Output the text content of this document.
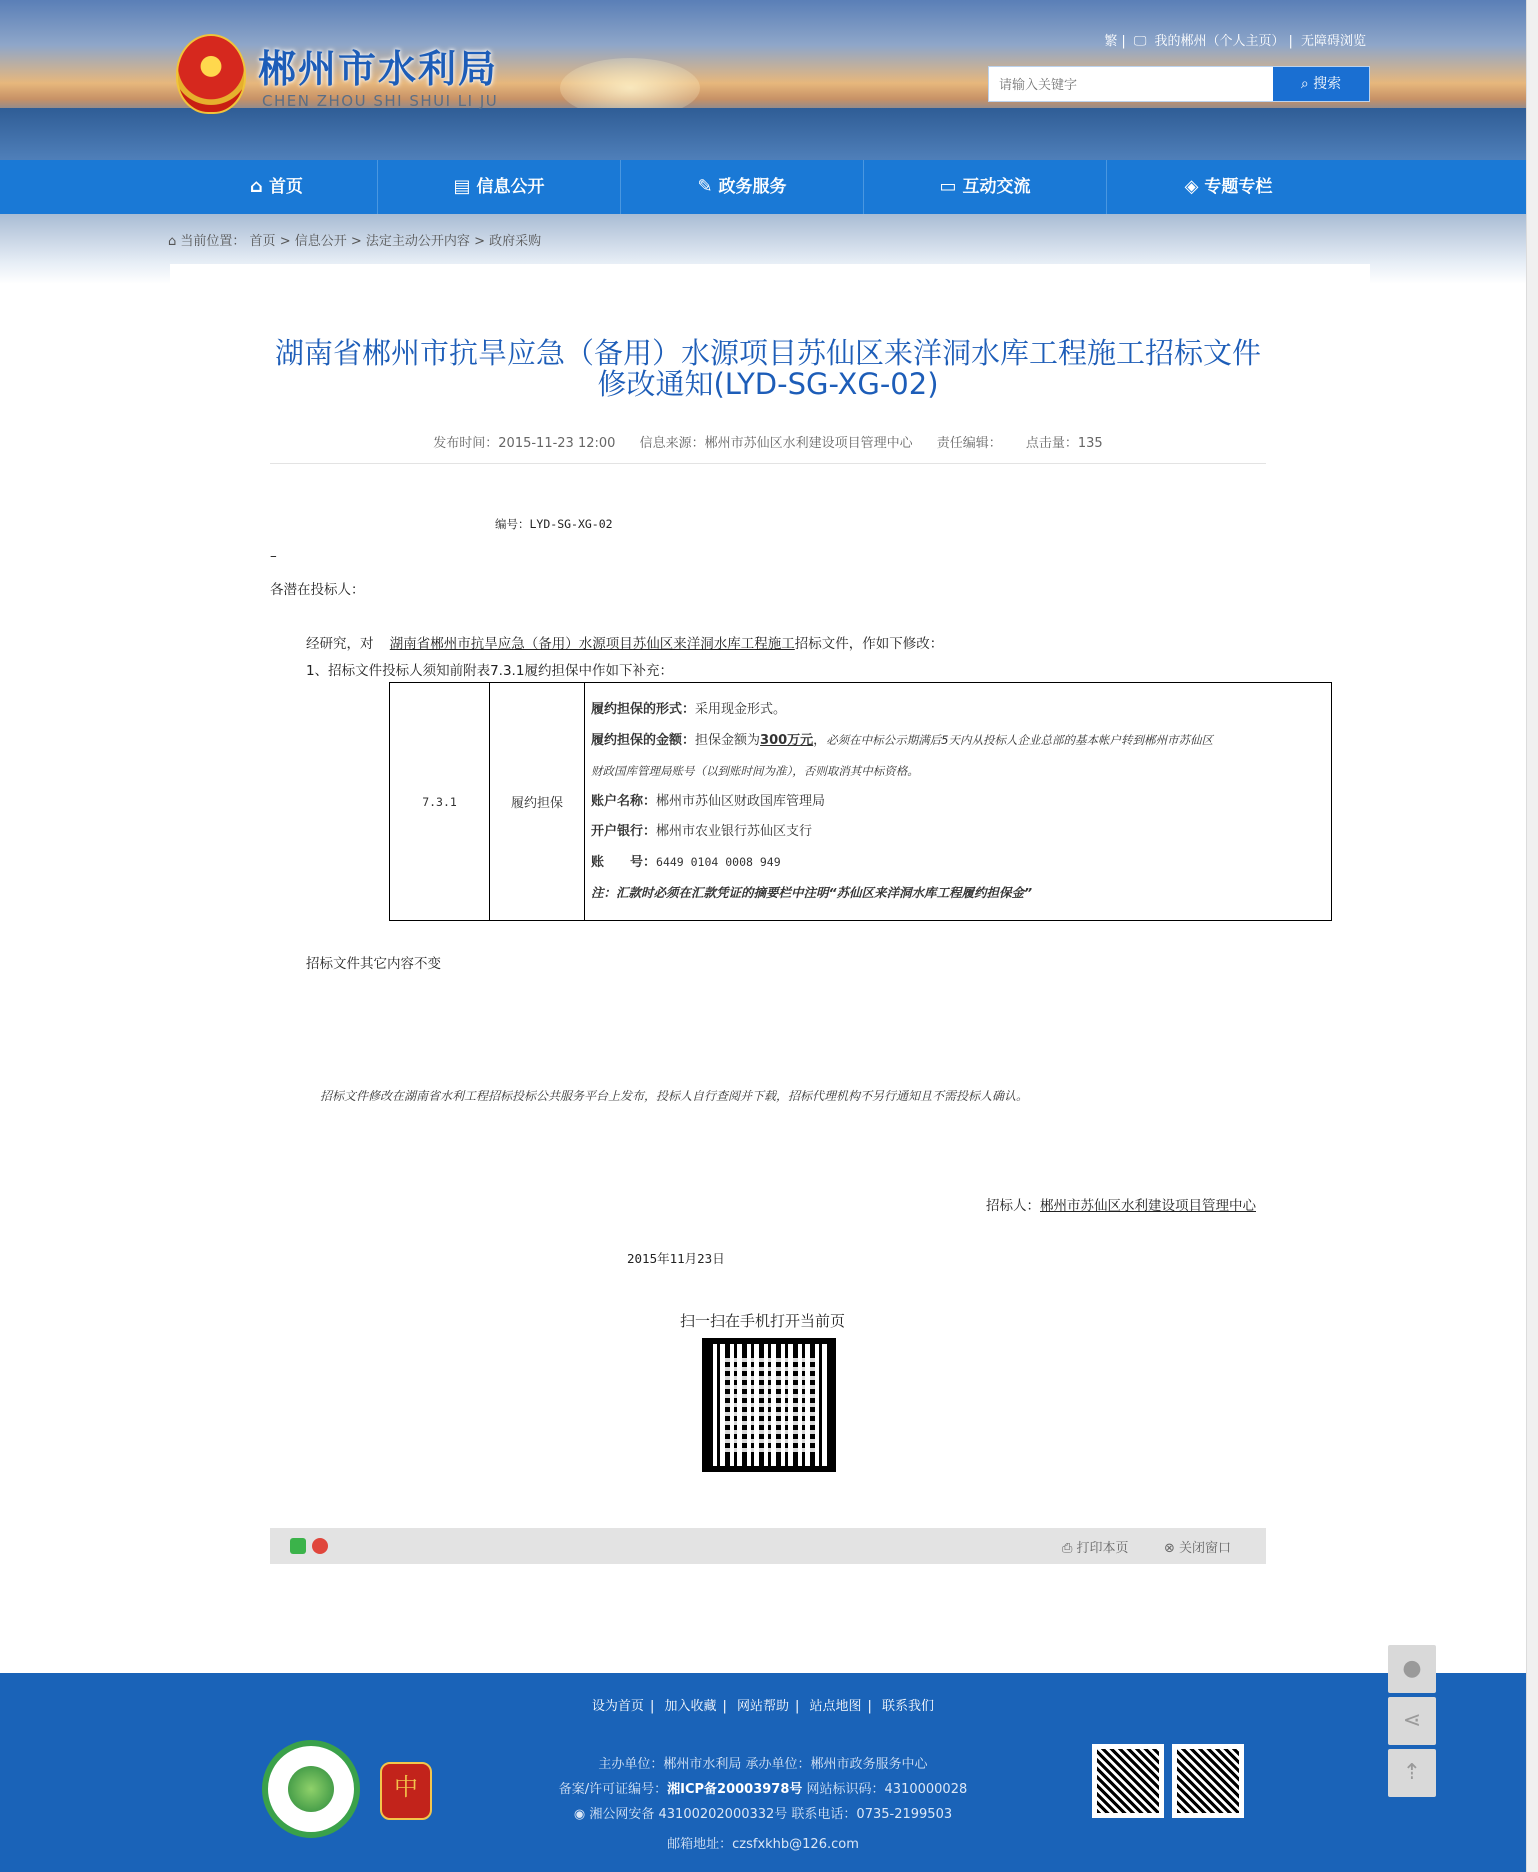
郴州市水利局
CHEN ZHOU SHI SHUI LI JU
繁 | 🖵 我的郴州（个人主页） | 无障碍浏览
请输入关键字
⌕ 搜索
⌂ 首页	▤ 信息公开	✎ 政务服务	▭ 互动交流	◈ 专题专栏
⌂ 当前位置： 首页 > 信息公开 > 法定主动公开内容 > 政府采购
湖南省郴州市抗旱应急（备用）水源项目苏仙区来洋洞水库工程施工招标文件修改通知(LYD-SG-XG-02)
发布时间：2015-11-23 12:00 信息来源：郴州市苏仙区水利建设项目管理中心 责任编辑： 点击量：135
编号：LYD-SG-XG-02
–
各潜在投标人：
经研究，对 湖南省郴州市抗旱应急（备用）水源项目苏仙区来洋洞水库工程施工招标文件，作如下修改：
1、招标文件投标人须知前附表7.3.1履约担保中作如下补充：
7.3.1	履约担保	

履约担保的形式：采用现金形式。

履约担保的金额：担保金额为300万元，必须在中标公示期满后5天内从投标人企业总部的基本帐户转到郴州市苏仙区

财政国库管理局账号（以到账时间为准），否则取消其中标资格。

账户名称：郴州市苏仙区财政国库管理局

开户银行：郴州市农业银行苏仙区支行

账　　号：6449 0104 0008 949

注：汇款时必须在汇款凭证的摘要栏中注明“苏仙区来洋洞水库工程履约担保金”

招标文件其它内容不变
招标文件修改在湖南省水利工程招标投标公共服务平台上发布，投标人自行查阅并下载，招标代理机构不另行通知且不需投标人确认。
招标人：郴州市苏仙区水利建设项目管理中心
2015年11月23日
扫一扫在手机打开当前页
⎙ 打印本页	⊗ 关闭窗口
设为首页 | 加入收藏 | 网站帮助 | 站点地图 | 联系我们
主办单位：郴州市水利局 承办单位：郴州市政务服务中心
备案/许可证编号：湘ICP备20003978号 网站标识码：4310000028
◉ 湘公网安备 43100202000332号 联系电话：0735-2199503
邮箱地址：czsfxkhb@126.com
中
●
⋖
⇡
